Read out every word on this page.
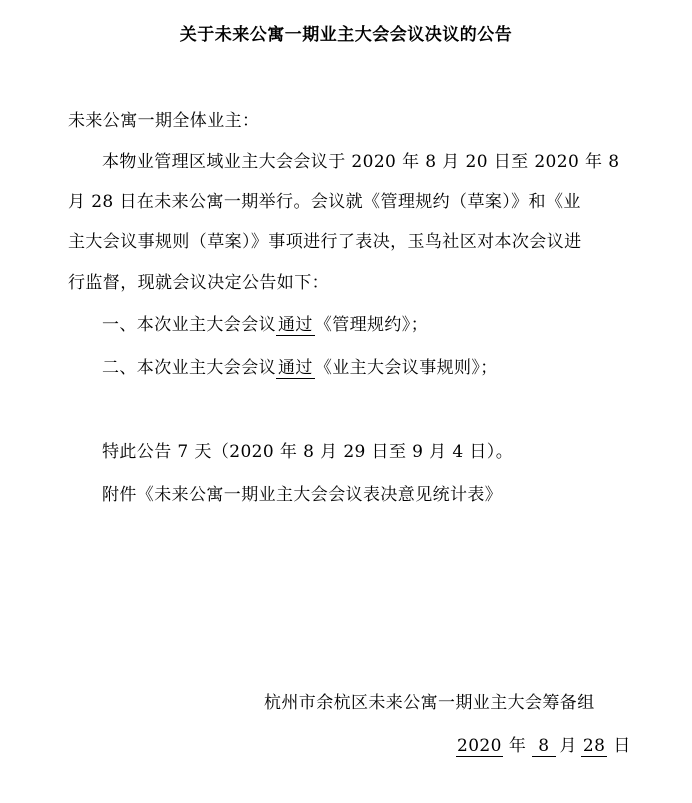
关于未来公寓一期业主大会会议决议的公告
未来公寓一期全体业主：
本物业管理区域业主大会会议于 2020 年 8 月 20 日至 2020 年 8
月 28 日在未来公寓一期举行。会议就《管理规约（草案）》和《业
主大会议事规则（草案）》事项进行了表决，玉鸟社区对本次会议进
行监督，现就会议决定公告如下：
一、本次业主大会会议 通过 《管理规约》；
二、本次业主大会会议 通过 《业主大会议事规则》；
特此公告 7 天（2020 年 8 月 29 日至 9 月 4 日）。
附件《未来公寓一期业主大会会议表决意见统计表》
杭州市余杭区未来公寓一期业主大会筹备组
2020 年 8 月 28 日
